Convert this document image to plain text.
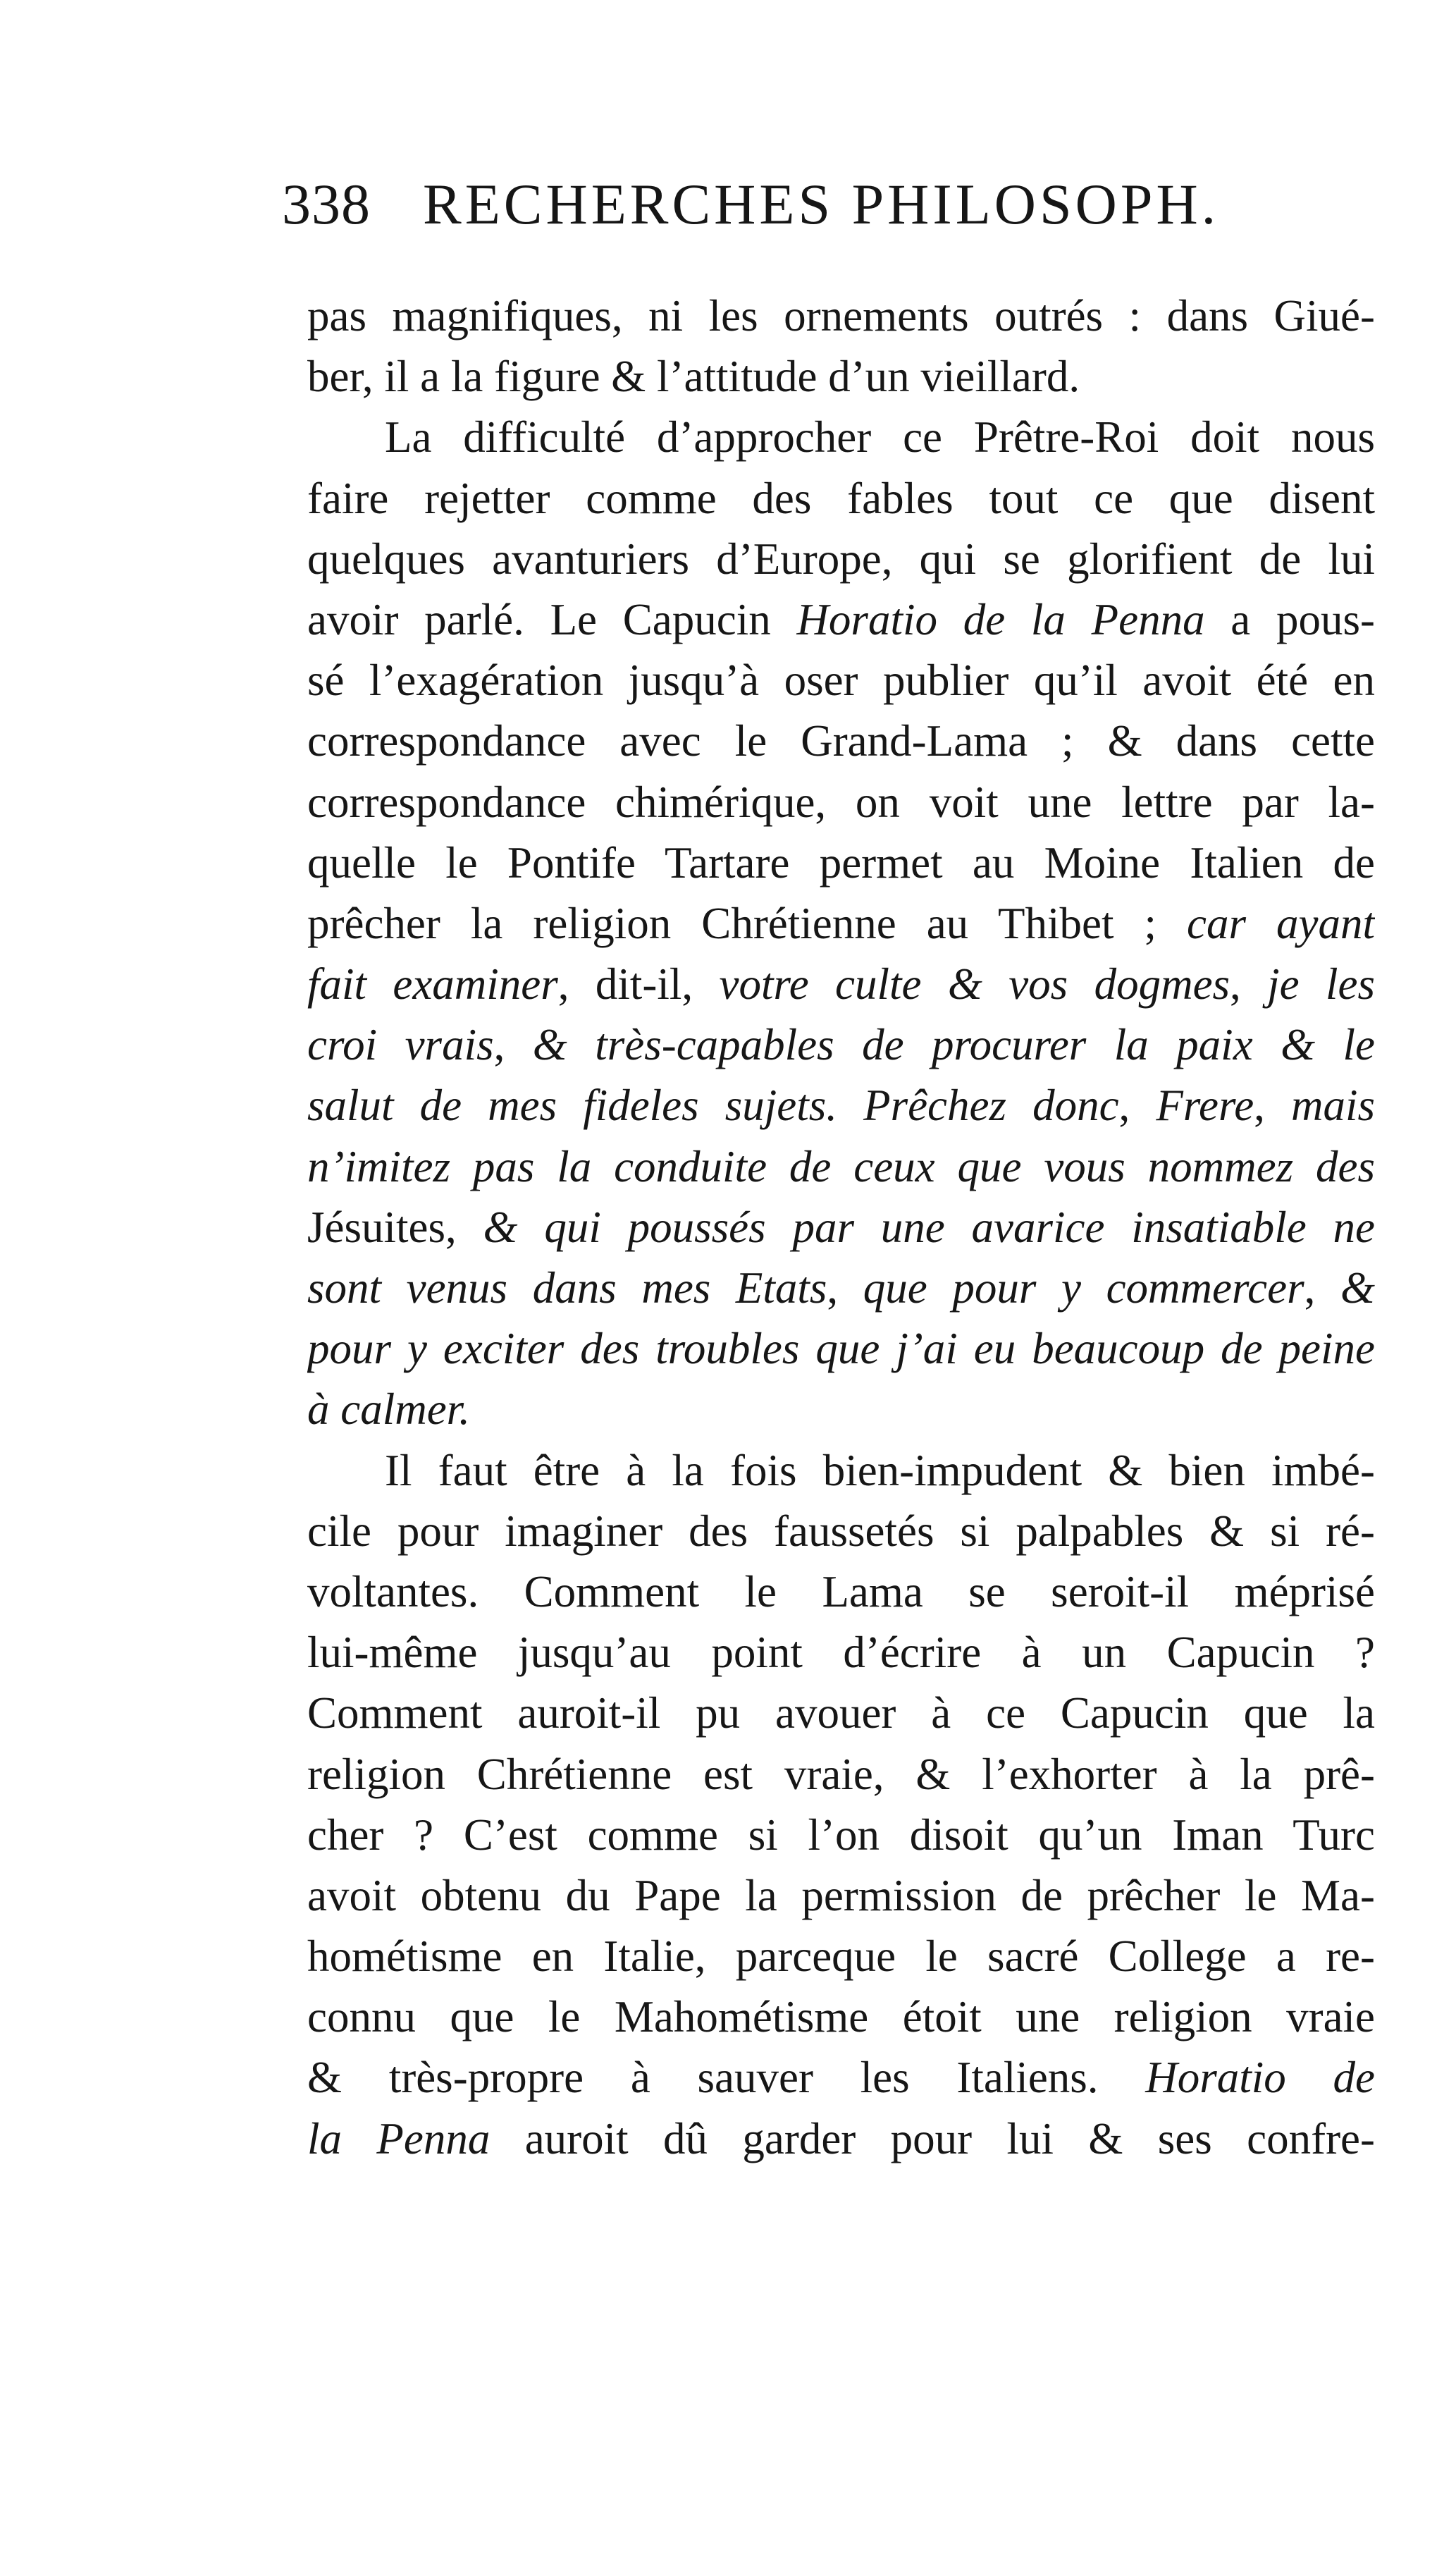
338 RECHERCHES PHILOSOPH.
pas magnifiques, ni les ornements outrés : dans Giué-
ber, il a la figure & l’attitude d’un vieillard.
La difficulté d’approcher ce Prêtre-Roi doit nous
faire rejetter comme des fables tout ce que disent
quelques avanturiers d’Europe, qui se glorifient de lui
avoir parlé. Le Capucin Horatio de la Penna a pous-
sé l’exagération jusqu’à oser publier qu’il avoit été en
correspondance avec le Grand-Lama ; & dans cette
correspondance chimérique, on voit une lettre par la-
quelle le Pontife Tartare permet au Moine Italien de
prêcher la religion Chrétienne au Thibet ; car ayant
fait examiner, dit-il, votre culte & vos dogmes, je les
croi vrais, & très-capables de procurer la paix & le
salut de mes fideles sujets. Prêchez donc, Frere, mais
n’imitez pas la conduite de ceux que vous nommez des
Jésuites, & qui poussés par une avarice insatiable ne
sont venus dans mes Etats, que pour y commercer, &
pour y exciter des troubles que j’ai eu beaucoup de peine
à calmer.
Il faut être à la fois bien-impudent & bien imbé-
cile pour imaginer des faussetés si palpables & si ré-
voltantes. Comment le Lama se seroit-il méprisé
lui-même jusqu’au point d’écrire à un Capucin ?
Comment auroit-il pu avouer à ce Capucin que la
religion Chrétienne est vraie, & l’exhorter à la prê-
cher ? C’est comme si l’on disoit qu’un Iman Turc
avoit obtenu du Pape la permission de prêcher le Ma-
hométisme en Italie, parceque le sacré College a re-
connu que le Mahométisme étoit une religion vraie
& très-propre à sauver les Italiens. Horatio de
la Penna auroit dû garder pour lui & ses confre-
